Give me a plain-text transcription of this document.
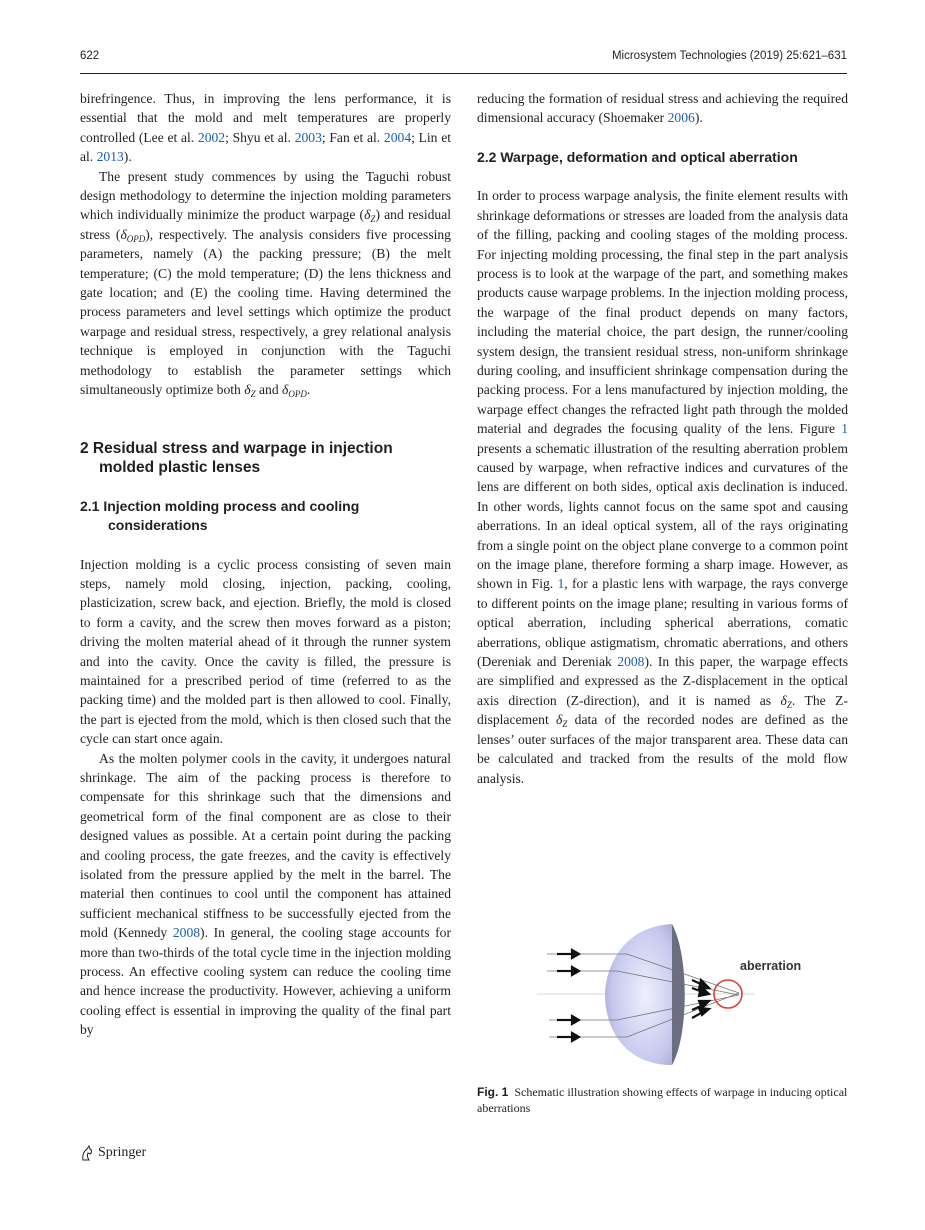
622	Microsystem Technologies (2019) 25:621–631

birefringence. Thus, in improving the lens performance, it is essential that the mold and melt temperatures are properly controlled (Lee et al. 2002; Shyu et al. 2003; Fan et al. 2004; Lin et al. 2013).

The present study commences by using the Taguchi robust design methodology to determine the injection molding parameters which individually minimize the product warpage $(\delta_Z)$ and residual stress $(\delta_{OPD})$, respectively. The analysis considers five processing parameters, namely (A) the packing pressure; (B) the melt temperature; (C) the mold temperature; (D) the lens thickness and gate location; and (E) the cooling time. Having determined the process parameters and level settings which optimize the product warpage and residual stress, respectively, a grey relational analysis technique is employed in conjunction with the Taguchi methodology to establish the parameter settings which simultaneously optimize both $\delta_Z$ and $\delta_{OPD}$.

2 Residual stress and warpage in injection molded plastic lenses
2.1 Injection molding process and cooling considerations

Injection molding is a cyclic process consisting of seven main steps, namely mold closing, injection, packing, cooling, plasticization, screw back, and ejection. Briefly, the mold is closed to form a cavity, and the screw then moves forward as a piston; driving the molten material ahead of it through the runner system and into the cavity. Once the cavity is filled, the pressure is maintained for a prescribed period of time (referred to as the packing time) and the molded part is then allowed to cool. Finally, the part is ejected from the mold, which is then closed such that the cycle can start once again.

As the molten polymer cools in the cavity, it undergoes natural shrinkage. The aim of the packing process is therefore to compensate for this shrinkage such that the dimensions and geometrical form of the final component are as close to their designed values as possible. At a certain point during the packing and cooling process, the gate freezes, and the cavity is effectively isolated from the pressure applied by the melt in the barrel. The material then continues to cool until the component has attained sufficient mechanical stiffness to be successfully ejected from the mold (Kennedy 2008). In general, the cooling stage accounts for more than two-thirds of the total cycle time in the injection molding process. An effective cooling system can reduce the cooling time and hence increase the productivity. However, achieving a uniform cooling effect is essential in improving the quality of the final part by

reducing the formation of residual stress and achieving the required dimensional accuracy (Shoemaker 2006).

2.2 Warpage, deformation and optical aberration

In order to process warpage analysis, the finite element results with shrinkage deformations or stresses are loaded from the analysis data of the filling, packing and cooling stages of the molding process. For injecting molding processing, the final step in the part analysis process is to look at the warpage of the part, and something makes products cause warpage problems. In the injection molding process, the warpage of the final product depends on many factors, including the material choice, the part design, the runner/cooling system design, the transient residual stress, non-uniform shrinkage during cooling, and insufficient shrinkage compensation during the packing process. For a lens manufactured by injection molding, the warpage effect changes the refracted light path through the molded material and degrades the focusing quality of the lens. Figure 1 presents a schematic illustration of the resulting aberration problem caused by warpage, when refractive indices and curvatures of the lens are different on both sides, optical axis declination is induced. In other words, lights cannot focus on the same spot and causing aberrations. In an ideal optical system, all of the rays originating from a single point on the object plane converge to a common point on the image plane, therefore forming a sharp image. However, as shown in Fig. 1, for a plastic lens with warpage, the rays converge to different points on the image plane; resulting in various forms of optical aberration, including spherical aberrations, comatic aberrations, oblique astigmatism, chromatic aberrations, and others (Dereniak and Dereniak 2008). In this paper, the warpage effects are simplified and expressed as the Z-displacement in the optical axis direction (Z-direction), and it is named as $\delta_Z$. The Z-displacement $\delta_Z$ data of the recorded nodes are defined as the lenses’ outer surfaces of the major transparent area. These data can be calculated and tracked from the results of the mold flow analysis.

aberration
Fig. 1 Schematic illustration showing effects of warpage in inducing optical aberrations
Springer
